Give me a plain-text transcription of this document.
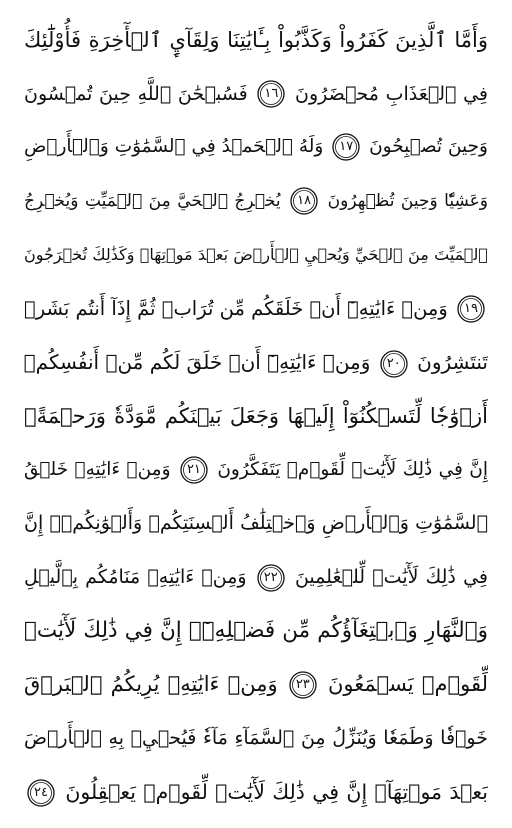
وَأَمَّا ٱلَّذِينَ كَفَرُواْ وَكَذَّبُواْ بِـَٔايَٰتِنَا وَلِقَآيِٕ ٱلۡأٓخِرَةِ فَأُوْلَٰٓئِكَ
فِي ٱلۡعَذَابِ مُحۡضَرُونَ
١٦
فَسُبۡحَٰنَ ٱللَّهِ حِينَ تُمۡسُونَ
وَحِينَ تُصۡبِحُونَ
١٧
وَلَهُ ٱلۡحَمۡدُ فِي ٱلسَّمَٰوَٰتِ وَٱلۡأَرۡضِ
وَعَشِيّٗا وَحِينَ تُظۡهِرُونَ
١٨
يُخۡرِجُ ٱلۡحَيَّ مِنَ ٱلۡمَيِّتِ وَيُخۡرِجُ
ٱلۡمَيِّتَ مِنَ ٱلۡحَيِّ وَيُحۡيِ ٱلۡأَرۡضَ بَعۡدَ مَوۡتِهَاۚ وَكَذَٰلِكَ تُخۡرَجُونَ
١٩
وَمِنۡ ءَايَٰتِهِۦٓ أَنۡ خَلَقَكُم مِّن تُرَابٖ ثُمَّ إِذَآ أَنتُم بَشَرٞ
تَنتَشِرُونَ
٢٠
وَمِنۡ ءَايَٰتِهِۦٓ أَنۡ خَلَقَ لَكُم مِّنۡ أَنفُسِكُمۡ
أَزۡوَٰجٗا لِّتَسۡكُنُوٓاْ إِلَيۡهَا وَجَعَلَ بَيۡنَكُم مَّوَدَّةٗ وَرَحۡمَةًۚ
إِنَّ فِي ذَٰلِكَ لَأٓيَٰتٖ لِّقَوۡمٖ يَتَفَكَّرُونَ
٢١
وَمِنۡ ءَايَٰتِهِۦ خَلۡقُ
ٱلسَّمَٰوَٰتِ وَٱلۡأَرۡضِ وَٱخۡتِلَٰفُ أَلۡسِنَتِكُمۡ وَأَلۡوَٰنِكُمۡۚ إِنَّ
فِي ذَٰلِكَ لَأٓيَٰتٖ لِّلۡعَٰلِمِينَ
٢٢
وَمِنۡ ءَايَٰتِهِۦ مَنَامُكُم بِٱلَّيۡلِ
وَٱلنَّهَارِ وَٱبۡتِغَآؤُكُم مِّن فَضۡلِهِۦٓۚ إِنَّ فِي ذَٰلِكَ لَأٓيَٰتٖ
لِّقَوۡمٖ يَسۡمَعُونَ
٢٣
وَمِنۡ ءَايَٰتِهِۦ يُرِيكُمُ ٱلۡبَرۡقَ
خَوۡفٗا وَطَمَعٗا وَيُنَزِّلُ مِنَ ٱلسَّمَآءِ مَآءٗ فَيُحۡيِۦ بِهِ ٱلۡأَرۡضَ
بَعۡدَ مَوۡتِهَآۚ إِنَّ فِي ذَٰلِكَ لَأٓيَٰتٖ لِّقَوۡمٖ يَعۡقِلُونَ
٢٤
